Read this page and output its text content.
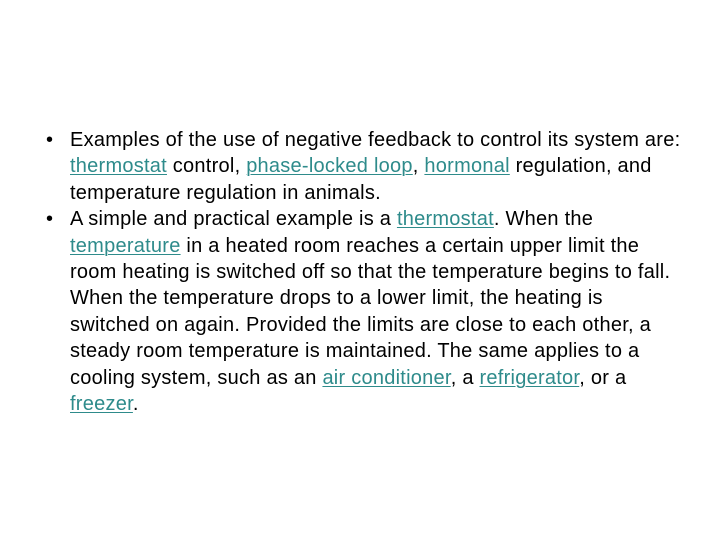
• Examples of the use of negative feedback to control its system are: thermostat control, phase-locked loop, hormonal regulation, and temperature regulation in animals.
• A simple and practical example is a thermostat. When the temperature in a heated room reaches a certain upper limit the room heating is switched off so that the temperature begins to fall. When the temperature drops to a lower limit, the heating is switched on again. Provided the limits are close to each other, a steady room temperature is maintained. The same applies to a cooling system, such as an air conditioner, a refrigerator, or a freezer.
